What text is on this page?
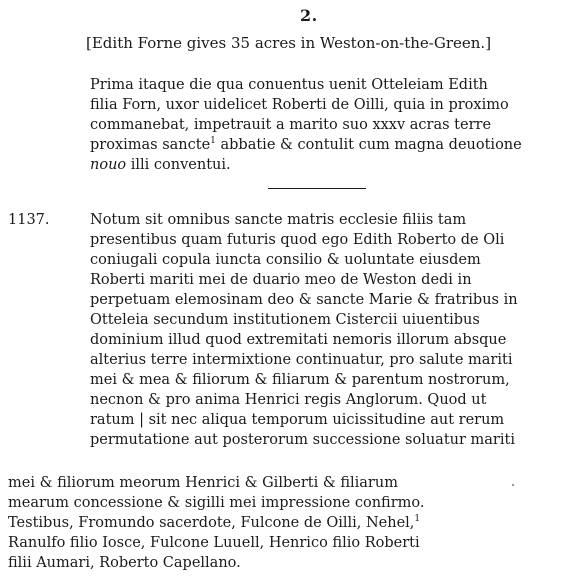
2.
[Edith Forne gives 35 acres in Weston-on-the-Green.]
Prima itaque die qua conuentus uenit Otteleiam Edith
filia Forn, uxor uidelicet Roberti de Oilli, quia in proximo
commanebat, impetrauit a marito suo xxxv acras terre
proximas sancte$^1$ abbatie & contulit cum magna deuotione
nouo illi conventui.
1137.	Notum sit omnibus sancte matris ecclesie filiis tam
presentibus quam futuris quod ego Edith Roberto de Oli
coniugali copula iuncta consilio & uoluntate eiusdem
Roberti mariti mei de duario meo de Weston dedi in
perpetuam elemosinam deo & sancte Marie & fratribus in
Otteleia secundum institutionem Cistercii uiuentibus
dominium illud quod extremitati nemoris illorum absque
alterius terre intermixtione continuatur, pro salute mariti
mei & mea & filiorum & filiarum & parentum nostrorum,
necnon & pro anima Henrici regis Anglorum. Quod ut
ratum | sit nec aliqua temporum uicissitudine aut rerum
permutatione aut posterorum successione soluatur mariti
mei & filiorum meorum Henrici & Gilberti & filiarum
mearum concessione & sigilli mei impressione confirmo.
Testibus, Fromundo sacerdote, Fulcone de Oilli, Nehel,$^1$
Ranulfo filio Iosce, Fulcone Luuell, Henrico filio Roberti
filii Aumari, Roberto Capellano.
